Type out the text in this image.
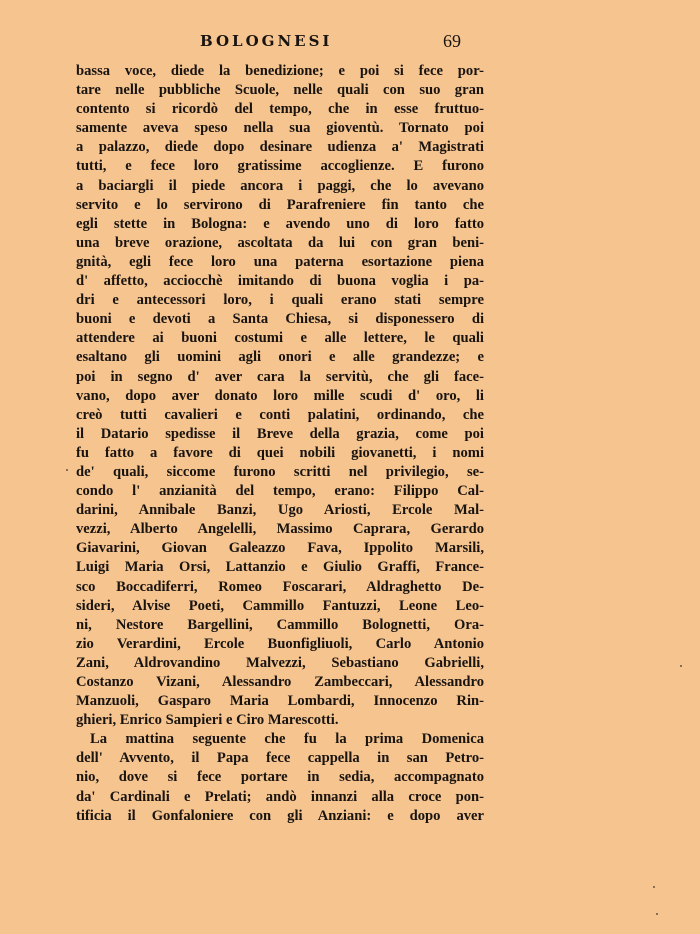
BOLOGNESI	69
bassa voce, diede la benedizione; e poi si fece por-
tare nelle pubbliche Scuole, nelle quali con suo gran
contento si ricordò del tempo, che in esse fruttuo-
samente aveva speso nella sua gioventù. Tornato poi
a palazzo, diede dopo desinare udienza a' Magistrati
tutti, e fece loro gratissime accoglienze. E furono
a baciargli il piede ancora i paggi, che lo avevano
servito e lo servirono di Parafreniere fin tanto che
egli stette in Bologna: e avendo uno di loro fatto
una breve orazione, ascoltata da lui con gran beni-
gnità, egli fece loro una paterna esortazione piena
d' affetto, acciocchè imitando di buona voglia i pa-
dri e antecessori loro, i quali erano stati sempre
buoni e devoti a Santa Chiesa, si disponessero di
attendere ai buoni costumi e alle lettere, le quali
esaltano gli uomini agli onori e alle grandezze; e
poi in segno d' aver cara la servitù, che gli face-
vano, dopo aver donato loro mille scudi d' oro, li
creò tutti cavalieri e conti palatini, ordinando, che
il Datario spedisse il Breve della grazia, come poi
fu fatto a favore di quei nobili giovanetti, i nomi
de' quali, siccome furono scritti nel privilegio, se-
condo l' anzianità del tempo, erano: Filippo Cal-
darini, Annibale Banzi, Ugo Ariosti, Ercole Mal-
vezzi, Alberto Angelelli, Massimo Caprara, Gerardo
Giavarini, Giovan Galeazzo Fava, Ippolito Marsili,
Luigi Maria Orsi, Lattanzio e Giulio Graffi, France-
sco Boccadiferri, Romeo Foscarari, Aldraghetto De-
sideri, Alvise Poeti, Cammillo Fantuzzi, Leone Leo-
ni, Nestore Bargellini, Cammillo Bolognetti, Ora-
zio Verardini, Ercole Buonfigliuoli, Carlo Antonio
Zani, Aldrovandino Malvezzi, Sebastiano Gabrielli,
Costanzo Vizani, Alessandro Zambeccari, Alessandro
Manzuoli, Gasparo Maria Lombardi, Innocenzo Rin-
ghieri, Enrico Sampieri e Ciro Marescotti.
La mattina seguente che fu la prima Domenica
dell' Avvento, il Papa fece cappella in san Petro-
nio, dove si fece portare in sedia, accompagnato
da' Cardinali e Prelati; andò innanzi alla croce pon-
tificia il Gonfaloniere con gli Anziani: e dopo aver
